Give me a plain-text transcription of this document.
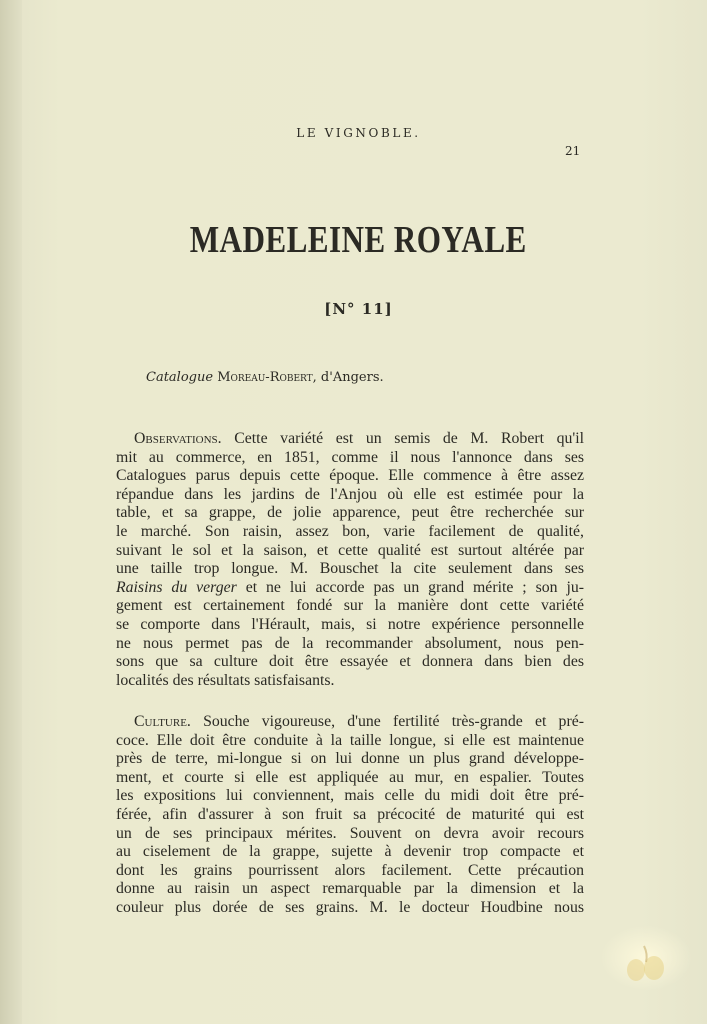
LE VIGNOBLE.
21
MADELEINE ROYALE
[N° 11]
Catalogue Moreau-Robert, d'Angers.
Observations. Cette variété est un semis de M. Robert qu'il
mit au commerce, en 1851, comme il nous l'annonce dans ses
Catalogues parus depuis cette époque. Elle commence à être assez
répandue dans les jardins de l'Anjou où elle est estimée pour la
table, et sa grappe, de jolie apparence, peut être recherchée sur
le marché. Son raisin, assez bon, varie facilement de qualité,
suivant le sol et la saison, et cette qualité est surtout altérée par
une taille trop longue. M. Bouschet la cite seulement dans ses
Raisins du verger et ne lui accorde pas un grand mérite ; son ju-
gement est certainement fondé sur la manière dont cette variété
se comporte dans l'Hérault, mais, si notre expérience personnelle
ne nous permet pas de la recommander absolument, nous pen-
sons que sa culture doit être essayée et donnera dans bien des
localités des résultats satisfaisants.
Culture. Souche vigoureuse, d'une fertilité très-grande et pré-
coce. Elle doit être conduite à la taille longue, si elle est maintenue
près de terre, mi-longue si on lui donne un plus grand développe-
ment, et courte si elle est appliquée au mur, en espalier. Toutes
les expositions lui conviennent, mais celle du midi doit être pré-
férée, afin d'assurer à son fruit sa précocité de maturité qui est
un de ses principaux mérites. Souvent on devra avoir recours
au ciselement de la grappe, sujette à devenir trop compacte et
dont les grains pourrissent alors facilement. Cette précaution
donne au raisin un aspect remarquable par la dimension et la
couleur plus dorée de ses grains. M. le docteur Houdbine nous
